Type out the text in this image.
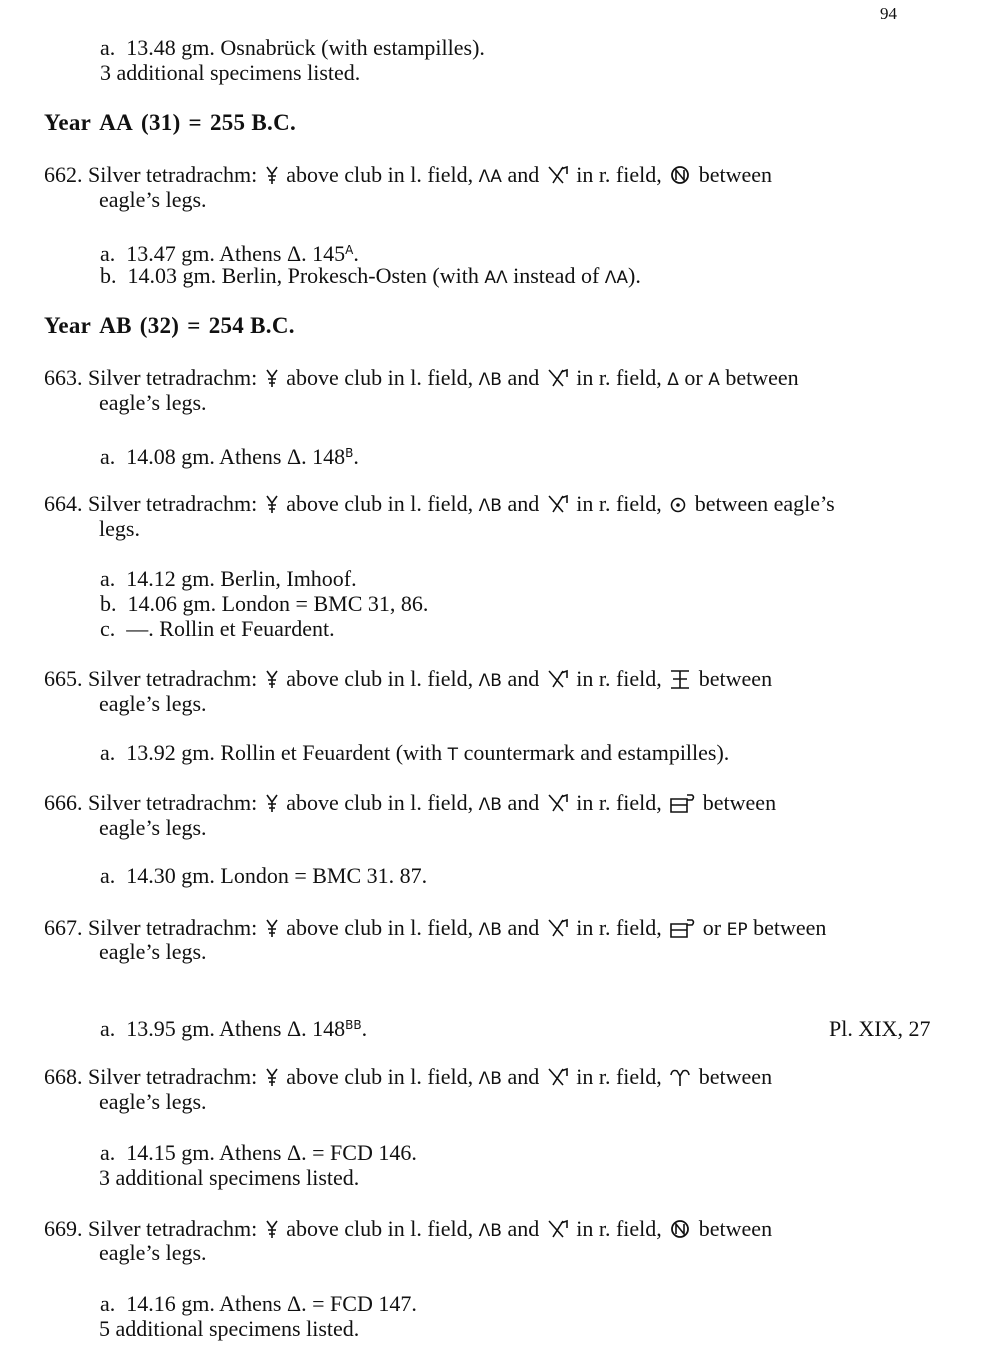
94
a. 13.48 gm. Osnabrück (with estampilles).
3 additional specimens listed.
Year ΑΑ (31) = 255 B.C.
662. Silver tetradrachm: above club in l. field, ΛA and in r. field, between
eagle’s legs.
a. 13.47 gm. Athens Δ. $145^A$.
b. 14.03 gm. Berlin, Prokesch-Osten (with AΛ instead of ΛA).
Year ΑΒ (32) = 254 B.C.
663. Silver tetradrachm: above club in l. field, ΛB and in r. field, Δ or A between
eagle’s legs.
a. 14.08 gm. Athens Δ. $148^B$.
664. Silver tetradrachm: above club in l. field, ΛB and in r. field, between eagle’s
legs.
a. 14.12 gm. Berlin, Imhoof.
b. 14.06 gm. London = BMC 31, 86.
c. —. Rollin et Feuardent.
665. Silver tetradrachm: above club in l. field, ΛB and in r. field, between
eagle’s legs.
a. 13.92 gm. Rollin et Feuardent (with T countermark and estampilles).
666. Silver tetradrachm: above club in l. field, ΛB and in r. field, between
eagle’s legs.
a. 14.30 gm. London = BMC 31. 87.
667. Silver tetradrachm: above club in l. field, ΛB and in r. field, or EP between
eagle’s legs.
a. 13.95 gm. Athens Δ. $148^{BB}$.	Pl. XIX, 27
668. Silver tetradrachm: above club in l. field, ΛB and in r. field, between
eagle’s legs.
a. 14.15 gm. Athens Δ. = FCD 146.
3 additional specimens listed.
669. Silver tetradrachm: above club in l. field, ΛB and in r. field, between
eagle’s legs.
a. 14.16 gm. Athens Δ. = FCD 147.
5 additional specimens listed.
